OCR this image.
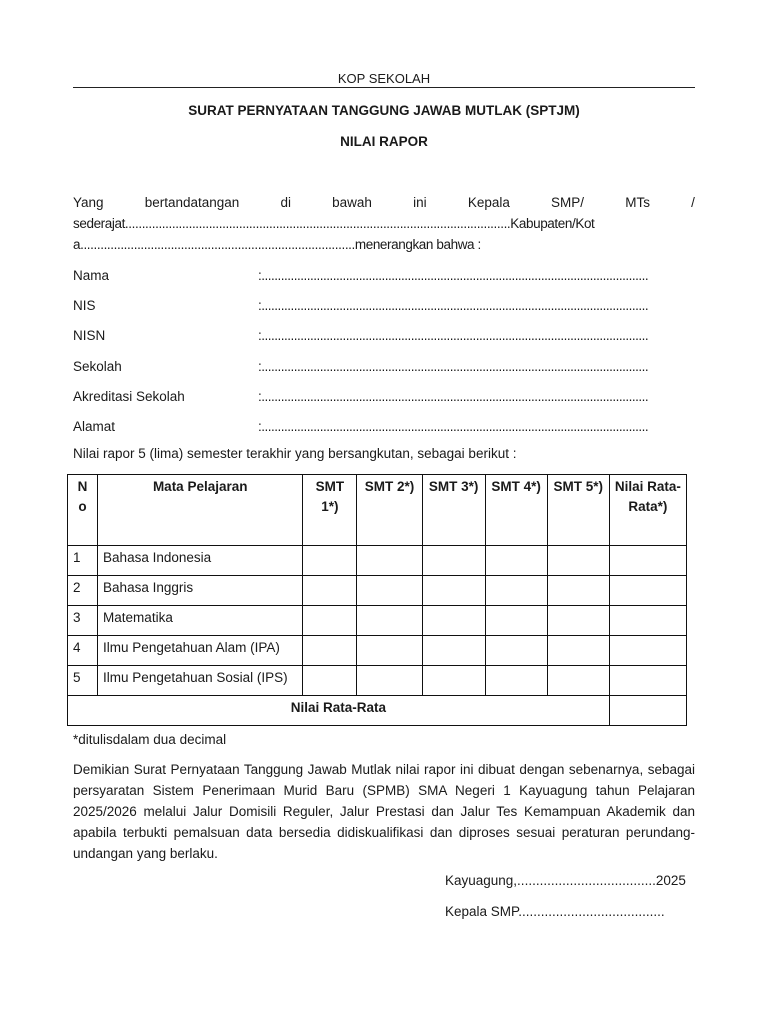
KOP SEKOLAH
SURAT PERNYATAAN TANGGUNG JAWAB MUTLAK (SPTJM)
NILAI RAPOR
Yang	bertandatangan	di	bawah	ini	Kepala	SMP/	MTs	/
sederajat...................................................................................................................Kabupaten/Kot
a..................................................................................menerangkan bahwa :
Nama	:.......................................................................................................................
NIS	:.......................................................................................................................
NISN	:.......................................................................................................................
Sekolah	:.......................................................................................................................
Akreditasi Sekolah	:.......................................................................................................................
Alamat	:.......................................................................................................................
Nilai rapor 5 (lima) semester terakhir yang bersangkutan, sebagai berikut :
N o	Mata Pelajaran	SMT 1*)	SMT 2*)	SMT 3*)	SMT 4*)	SMT 5*)	Nilai Rata-Rata*)
1	Bahasa Indonesia						
2	Bahasa Inggris						
3	Matematika						
4	Ilmu Pengetahuan Alam (IPA)						
5	Ilmu Pengetahuan Sosial (IPS)						
Nilai Rata-Rata							
*ditulisdalam dua decimal
Demikian Surat Pernyataan Tanggung Jawab Mutlak nilai rapor ini dibuat dengan sebenarnya, sebagai persyaratan Sistem Penerimaan Murid Baru (SPMB) SMA Negeri 1 Kayuagung tahun Pelajaran 2025/2026 melalui Jalur Domisili Reguler, Jalur Prestasi dan Jalur Tes Kemampuan Akademik dan apabila terbukti pemalsuan data bersedia didiskualifikasi dan diproses sesuai peraturan perundang-undangan yang berlaku.
Kayuagung,.....................................2025
Kepala SMP.......................................
